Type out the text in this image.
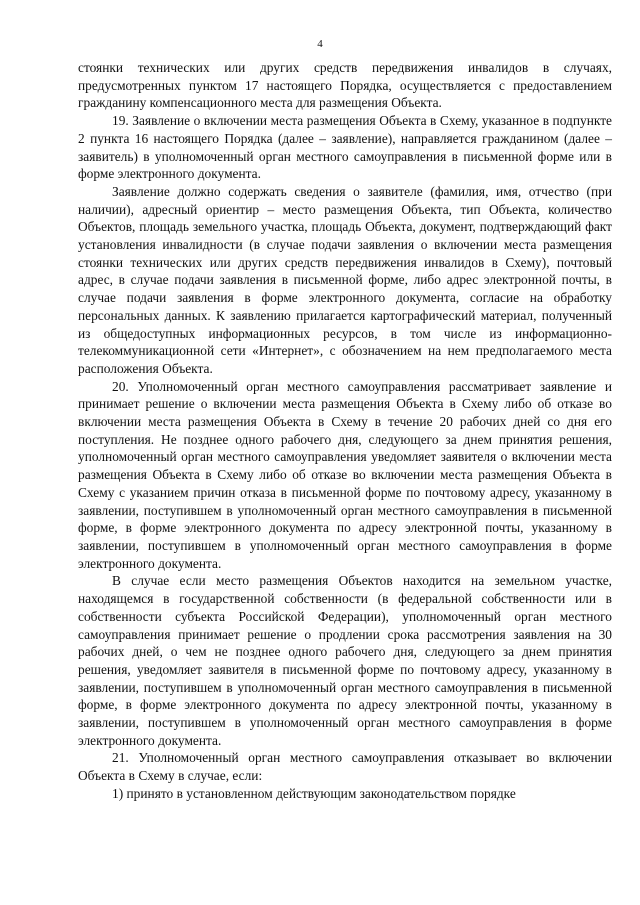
4

стоянки технических или других средств передвижения инвалидов в случаях, предусмотренных пунктом 17 настоящего Порядка, осуществляется с предоставлением гражданину компенсационного места для размещения Объекта.

19. Заявление о включении места размещения Объекта в Схему, указанное в подпункте 2 пункта 16 настоящего Порядка (далее – заявление), направляется гражданином (далее – заявитель) в уполномоченный орган местного самоуправления в письменной форме или в форме электронного документа.

Заявление должно содержать сведения о заявителе (фамилия, имя, отчество (при наличии), адресный ориентир – место размещения Объекта, тип Объекта, количество Объектов, площадь земельного участка, площадь Объекта, документ, подтверждающий факт установления инвалидности (в случае подачи заявления о включении места размещения стоянки технических или других средств передвижения инвалидов в Схему), почтовый адрес, в случае подачи заявления в письменной форме, либо адрес электронной почты, в случае подачи заявления в форме электронного документа, согласие на обработку персональных данных. К заявлению прилагается картографический материал, полученный из общедоступных информационных ресурсов, в том числе из информационно-телекоммуникационной сети «Интернет», с обозначением на нем предполагаемого места расположения Объекта.

20. Уполномоченный орган местного самоуправления рассматривает заявление и принимает решение о включении места размещения Объекта в Схему либо об отказе во включении места размещения Объекта в Схему в течение 20 рабочих дней со дня его поступления. Не позднее одного рабочего дня, следующего за днем принятия решения, уполномоченный орган местного самоуправления уведомляет заявителя о включении места размещения Объекта в Схему либо об отказе во включении места размещения Объекта в Схему с указанием причин отказа в письменной форме по почтовому адресу, указанному в заявлении, поступившем в уполномоченный орган местного самоуправления в письменной форме, в форме электронного документа по адресу электронной почты, указанному в заявлении, поступившем в уполномоченный орган местного самоуправления в форме электронного документа.

В случае если место размещения Объектов находится на земельном участке, находящемся в государственной собственности (в федеральной собственности или в собственности субъекта Российской Федерации), уполномоченный орган местного самоуправления принимает решение о продлении срока рассмотрения заявления на 30 рабочих дней, о чем не позднее одного рабочего дня, следующего за днем принятия решения, уведомляет заявителя в письменной форме по почтовому адресу, указанному в заявлении, поступившем в уполномоченный орган местного самоуправления в письменной форме, в форме электронного документа по адресу электронной почты, указанному в заявлении, поступившем в уполномоченный орган местного самоуправления в форме электронного документа.

21. Уполномоченный орган местного самоуправления отказывает во включении Объекта в Схему в случае, если:

1) принято в установленном действующим законодательством порядке
